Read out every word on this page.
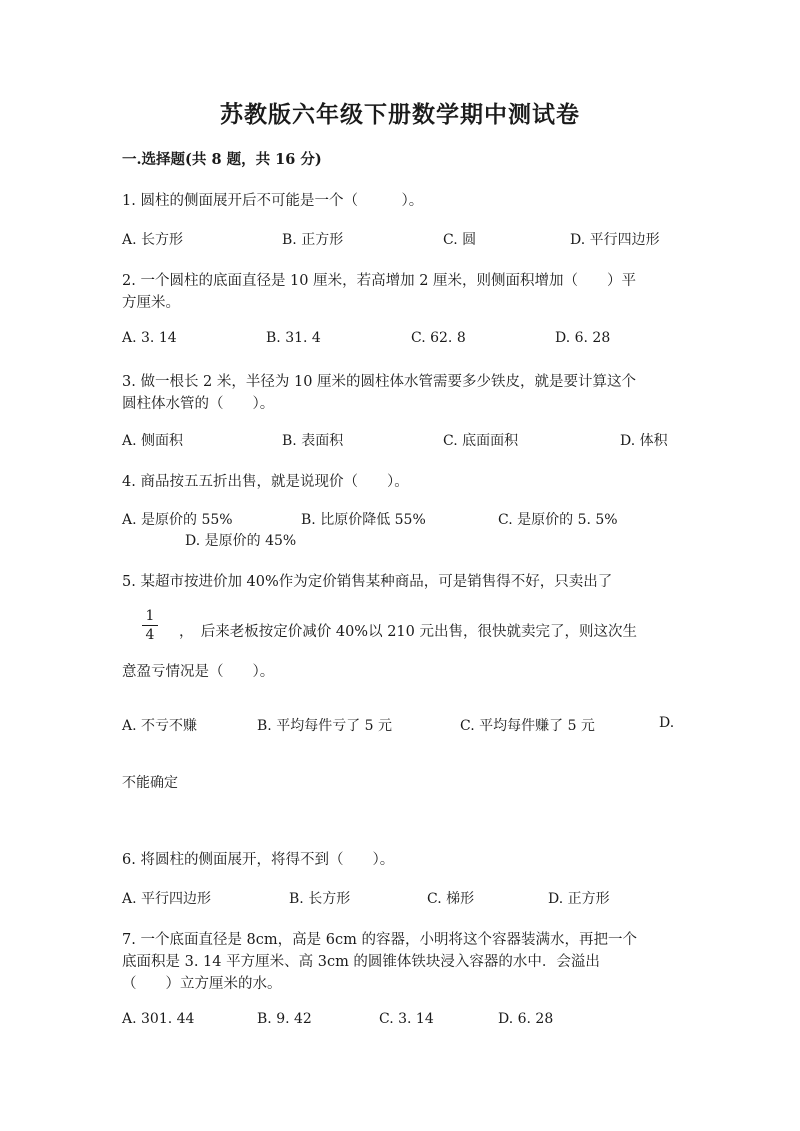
苏教版六年级下册数学期中测试卷
一.选择题(共 8 题，共 16 分)
1. 圆柱的侧面展开后不可能是一个（　　　）。
A. 长方形	B. 正方形	C. 圆	D. 平行四边形
2. 一个圆柱的底面直径是 10 厘米，若高增加 2 厘米，则侧面积增加（　　）平
方厘米。
A. 3. 14	B. 31. 4	C. 62. 8	D. 6. 28
3. 做一根长 2 米，半径为 10 厘米的圆柱体水管需要多少铁皮，就是要计算这个
圆柱体水管的（　　）。
A. 侧面积	B. 表面积	C. 底面面积	D. 体积
4. 商品按五五折出售，就是说现价（　　）。
A. 是原价的 55%	B. 比原价降低 55%	C. 是原价的 5. 5%
D. 是原价的 45%
5. 某超市按进价加 40%作为定价销售某种商品，可是销售得不好，只卖出了
1
4	，　后来老板按定价减价 40%以 210 元出售，很快就卖完了，则这次生
意盈亏情况是（　　）。
A. 不亏不赚	B. 平均每件亏了 5 元	C. 平均每件赚了 5 元	D.
不能确定
6. 将圆柱的侧面展开，将得不到（　　）。
A. 平行四边形	B. 长方形	C. 梯形	D. 正方形
7. 一个底面直径是 8cm，高是 6cm 的容器，小明将这个容器装满水，再把一个
底面积是 3. 14 平方厘米、高 3cm 的圆锥体铁块浸入容器的水中．会溢出
（　　）立方厘米的水。
A. 301. 44	B. 9. 42	C. 3. 14	D. 6. 28
